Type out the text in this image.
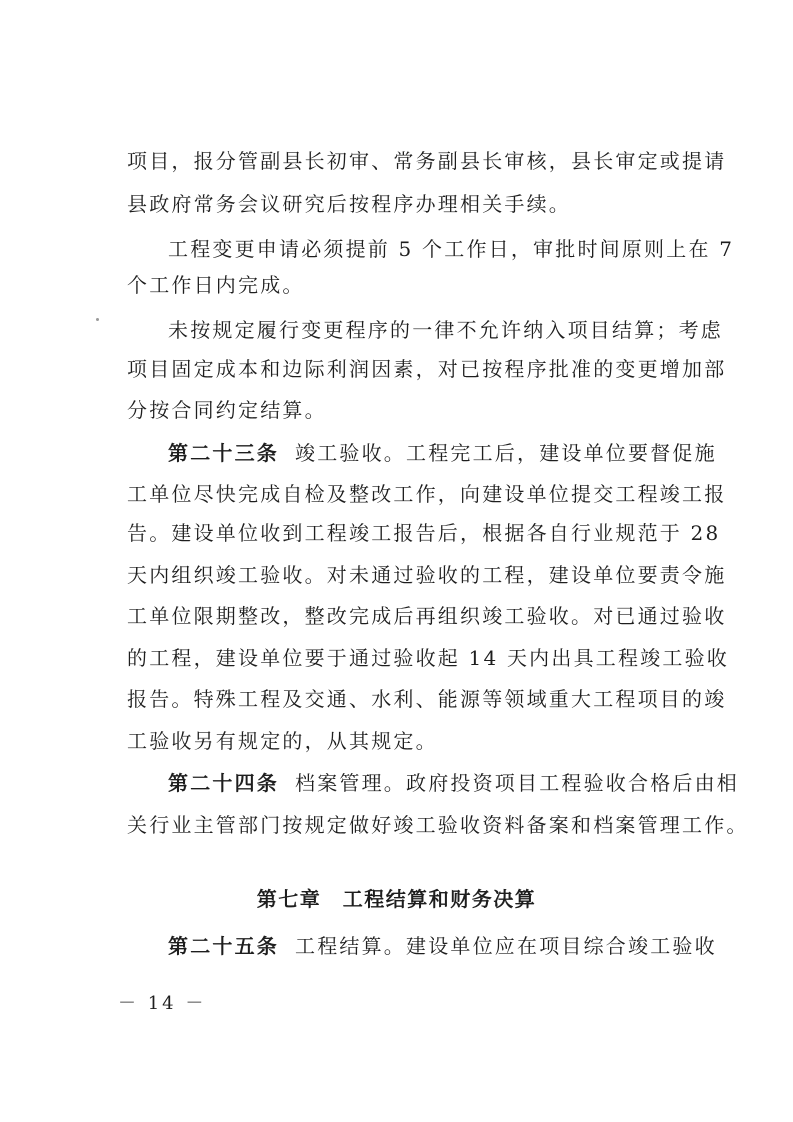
项目，报分管副县长初审、常务副县长审核，县长审定或提请
县政府常务会议研究后按程序办理相关手续。
工程变更申请必须提前 5 个工作日，审批时间原则上在 7
个工作日内完成。
未按规定履行变更程序的一律不允许纳入项目结算；考虑
项目固定成本和边际利润因素，对已按程序批准的变更增加部
分按合同约定结算。
第二十三条 竣工验收。工程完工后，建设单位要督促施
工单位尽快完成自检及整改工作，向建设单位提交工程竣工报
告。建设单位收到工程竣工报告后，根据各自行业规范于 28
天内组织竣工验收。对未通过验收的工程，建设单位要责令施
工单位限期整改，整改完成后再组织竣工验收。对已通过验收
的工程，建设单位要于通过验收起 14 天内出具工程竣工验收
报告。特殊工程及交通、水利、能源等领域重大工程项目的竣
工验收另有规定的，从其规定。
第二十四条 档案管理。政府投资项目工程验收合格后由相
关行业主管部门按规定做好竣工验收资料备案和档案管理工作。
第七章　工程结算和财务决算
第二十五条 工程结算。建设单位应在项目综合竣工验收
－ 14 －
